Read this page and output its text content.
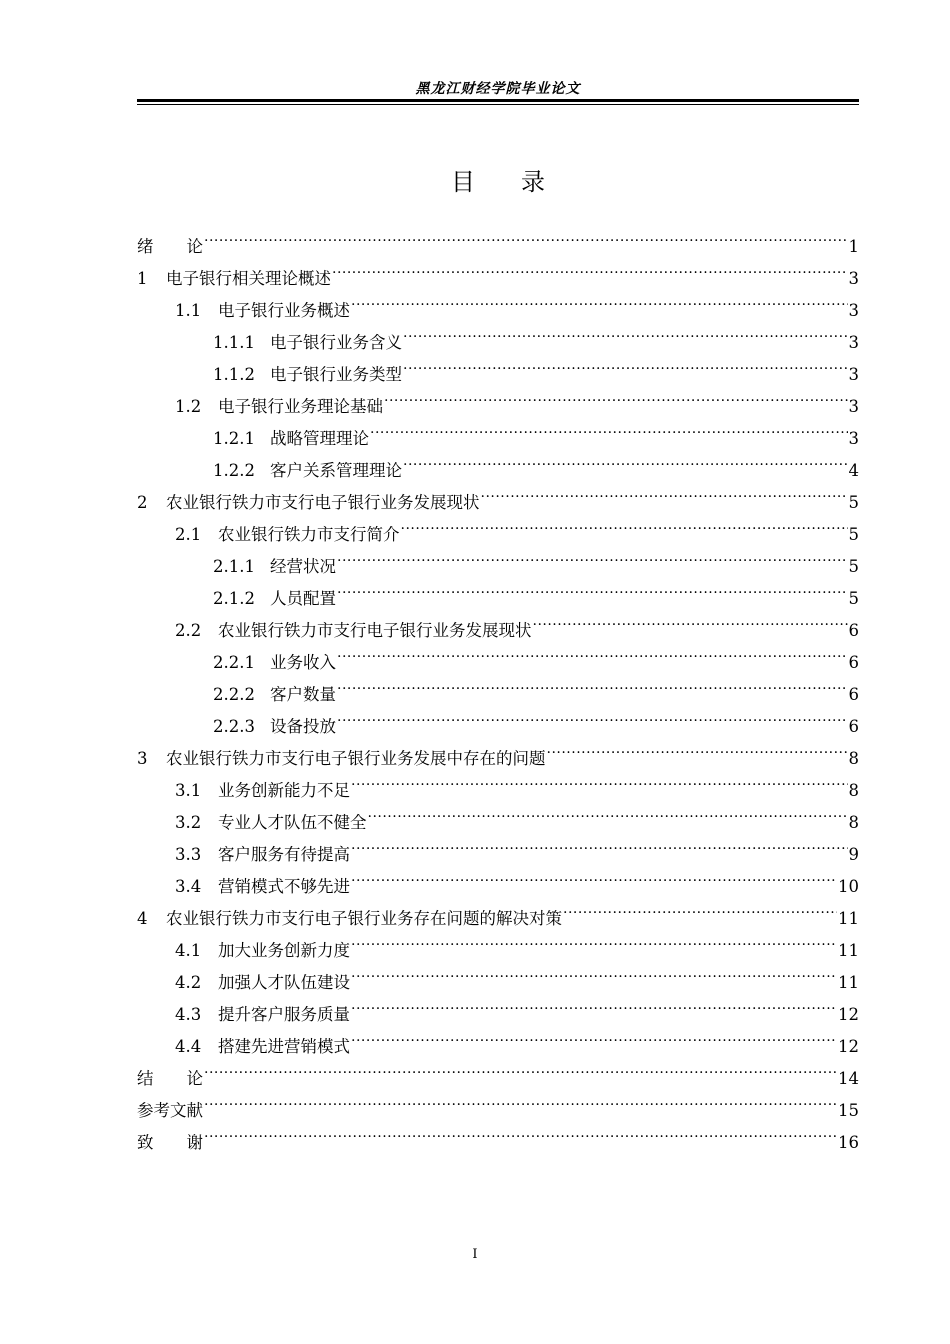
黑龙江财经学院毕业论文
目 录
绪　　论 .....	1
1	电子银行相关理论概述 .....	3
1.1	电子银行业务概述 .....	3
1.1.1 电子银行业务含义 .....	3
1.1.2 电子银行业务类型 .....	3
1.2	电子银行业务理论基础 .....	3
1.2.1 战略管理理论 .....	3
1.2.2 客户关系管理理论 .....	4
2	农业银行铁力市支行电子银行业务发展现状 .....	5
2.1	农业银行铁力市支行简介 .....	5
2.1.1 经营状况 .....	5
2.1.2 人员配置 .....	5
2.2	农业银行铁力市支行电子银行业务发展现状 .....	6
2.2.1 业务收入 .....	6
2.2.2 客户数量 .....	6
2.2.3 设备投放 .....	6
3	农业银行铁力市支行电子银行业务发展中存在的问题 .....	8
3.1	业务创新能力不足 .....	8
3.2	专业人才队伍不健全 .....	8
3.3	客户服务有待提高 .....	9
3.4	营销模式不够先进 .....	10
4	农业银行铁力市支行电子银行业务存在问题的解决对策 .....	11
4.1	加大业务创新力度 .....	11
4.2	加强人才队伍建设 .....	11
4.3	提升客户服务质量 .....	12
4.4	搭建先进营销模式 .....	12
结　　论 .....	14
参考文献 .....	15
致　　谢 .....	16
I
